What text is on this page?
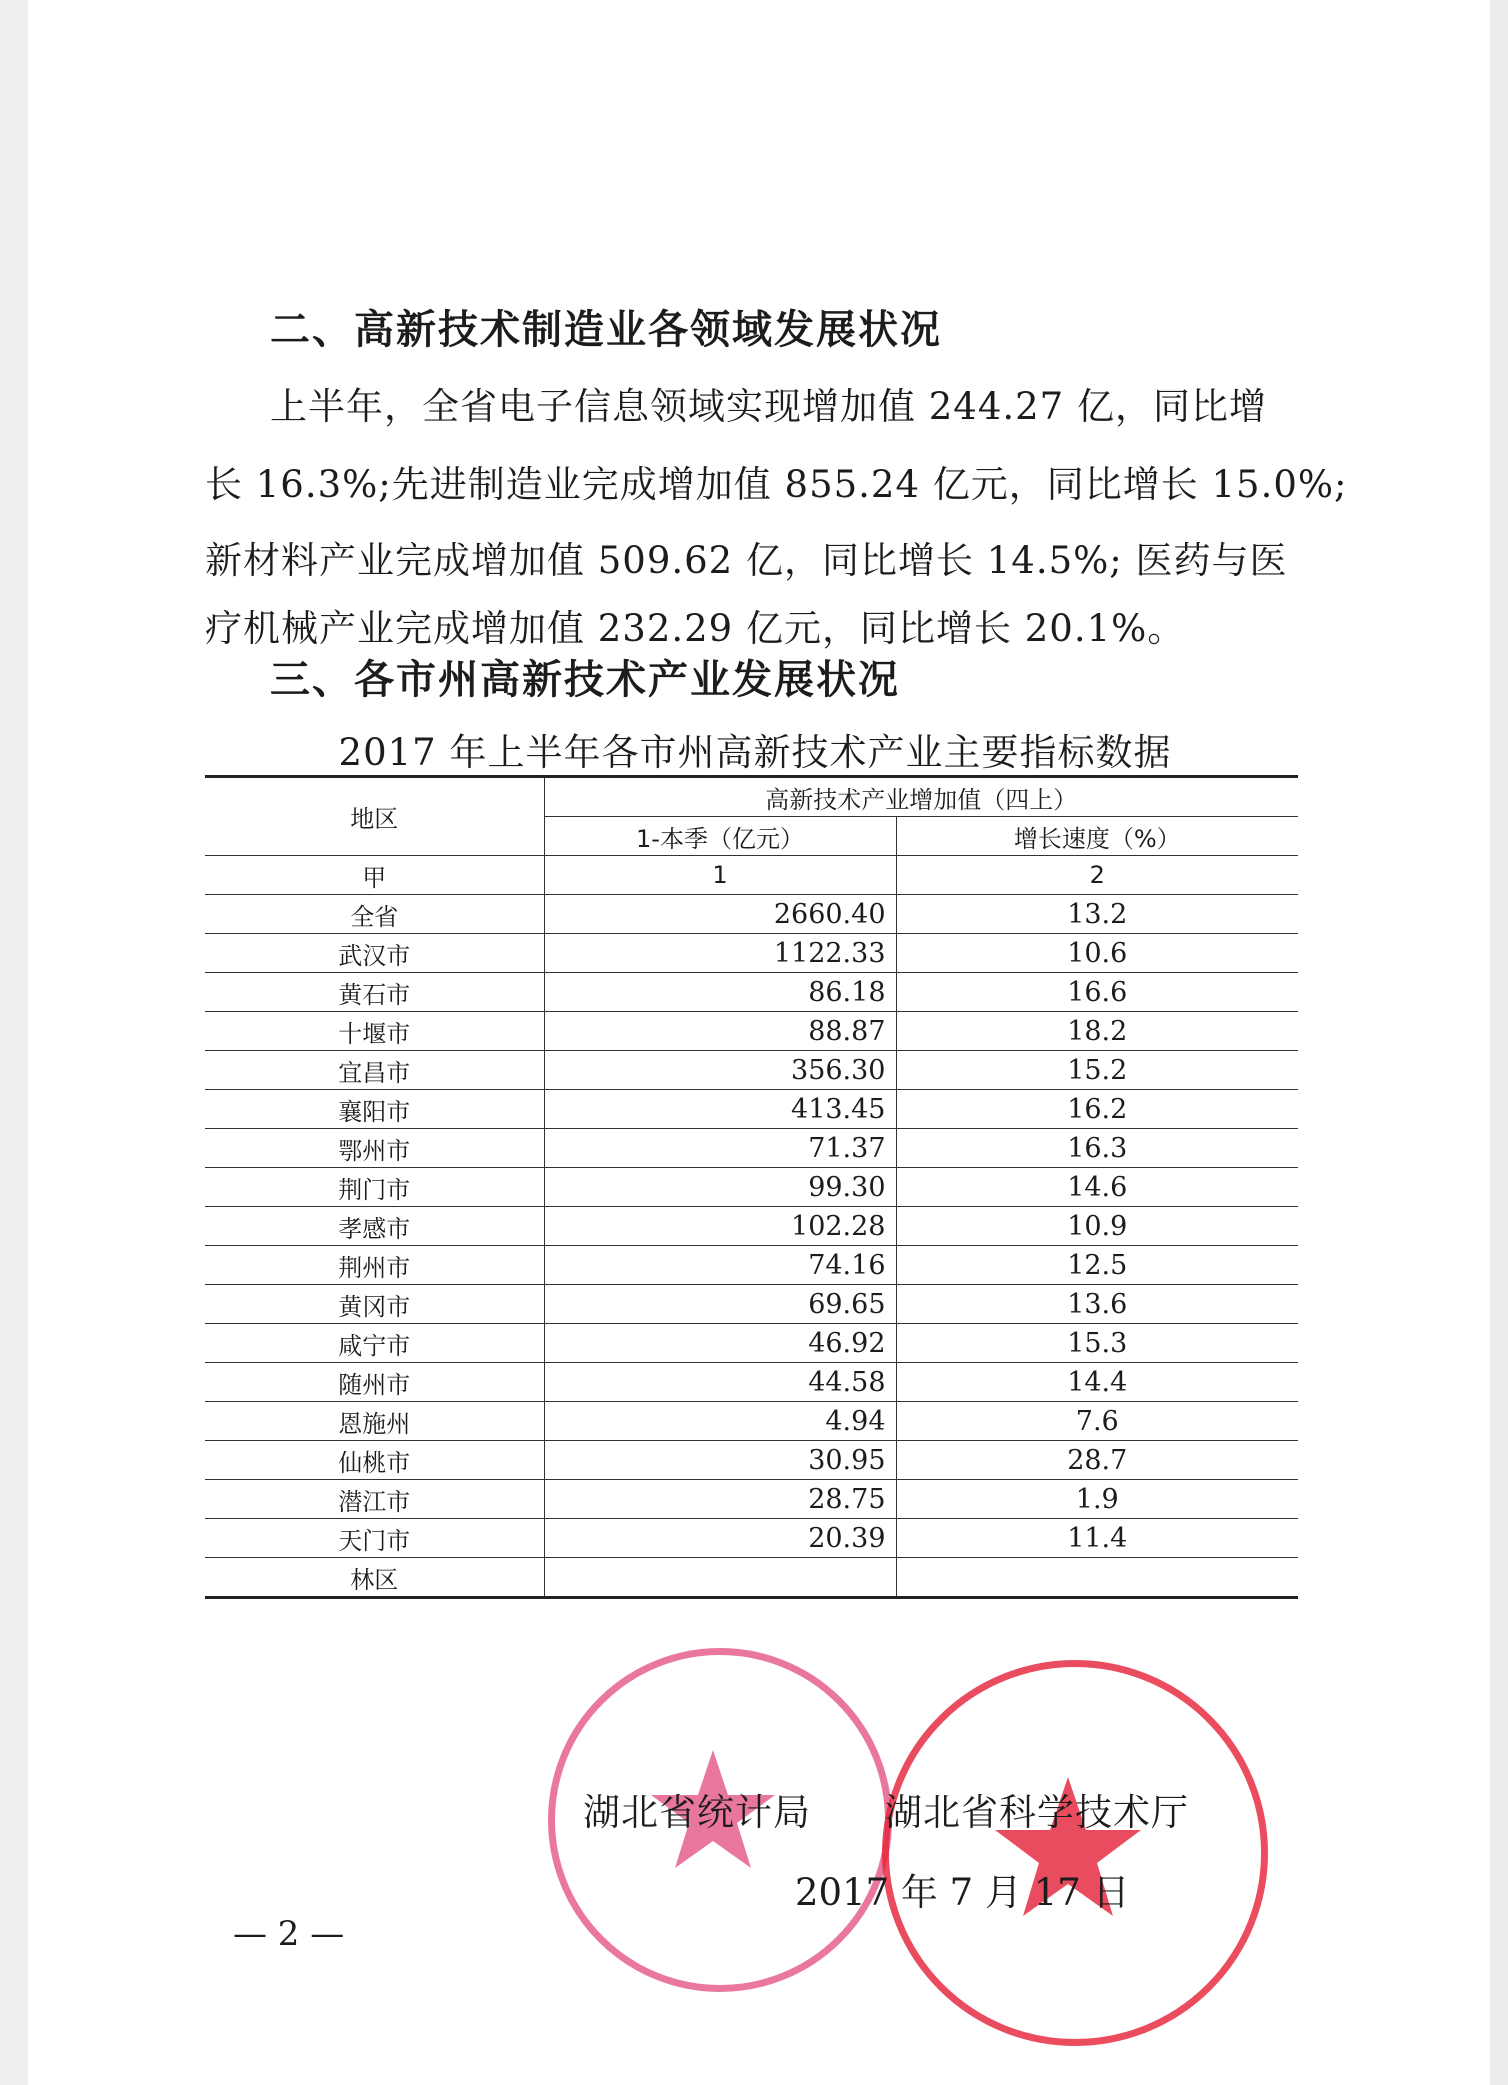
二、高新技术制造业各领域发展状况
上半年，全省电子信息领域实现增加值 244.27 亿，同比增
长 16.3%;先进制造业完成增加值 855.24 亿元，同比增长 15.0%;
新材料产业完成增加值 509.62 亿，同比增长 14.5%; 医药与医
疗机械产业完成增加值 232.29 亿元，同比增长 20.1%。
三、各市州高新技术产业发展状况
2017 年上半年各市州高新技术产业主要指标数据
地区	高新技术产业增加值（四上）	
	1-本季（亿元）	增长速度（%）
甲	1	2
全省	2660.40	13.2
武汉市	1122.33	10.6
黄石市	86.18	16.6
十堰市	88.87	18.2
宜昌市	356.30	15.2
襄阳市	413.45	16.2
鄂州市	71.37	16.3
荆门市	99.30	14.6
孝感市	102.28	10.9
荆州市	74.16	12.5
黄冈市	69.65	13.6
咸宁市	46.92	15.3
随州市	44.58	14.4
恩施州	4.94	7.6
仙桃市	30.95	28.7
潜江市	28.75	1.9
天门市	20.39	11.4
林区		
湖北省统计局 湖北省科学技术厅
2017 年 7 月 17 日
— 2 —
